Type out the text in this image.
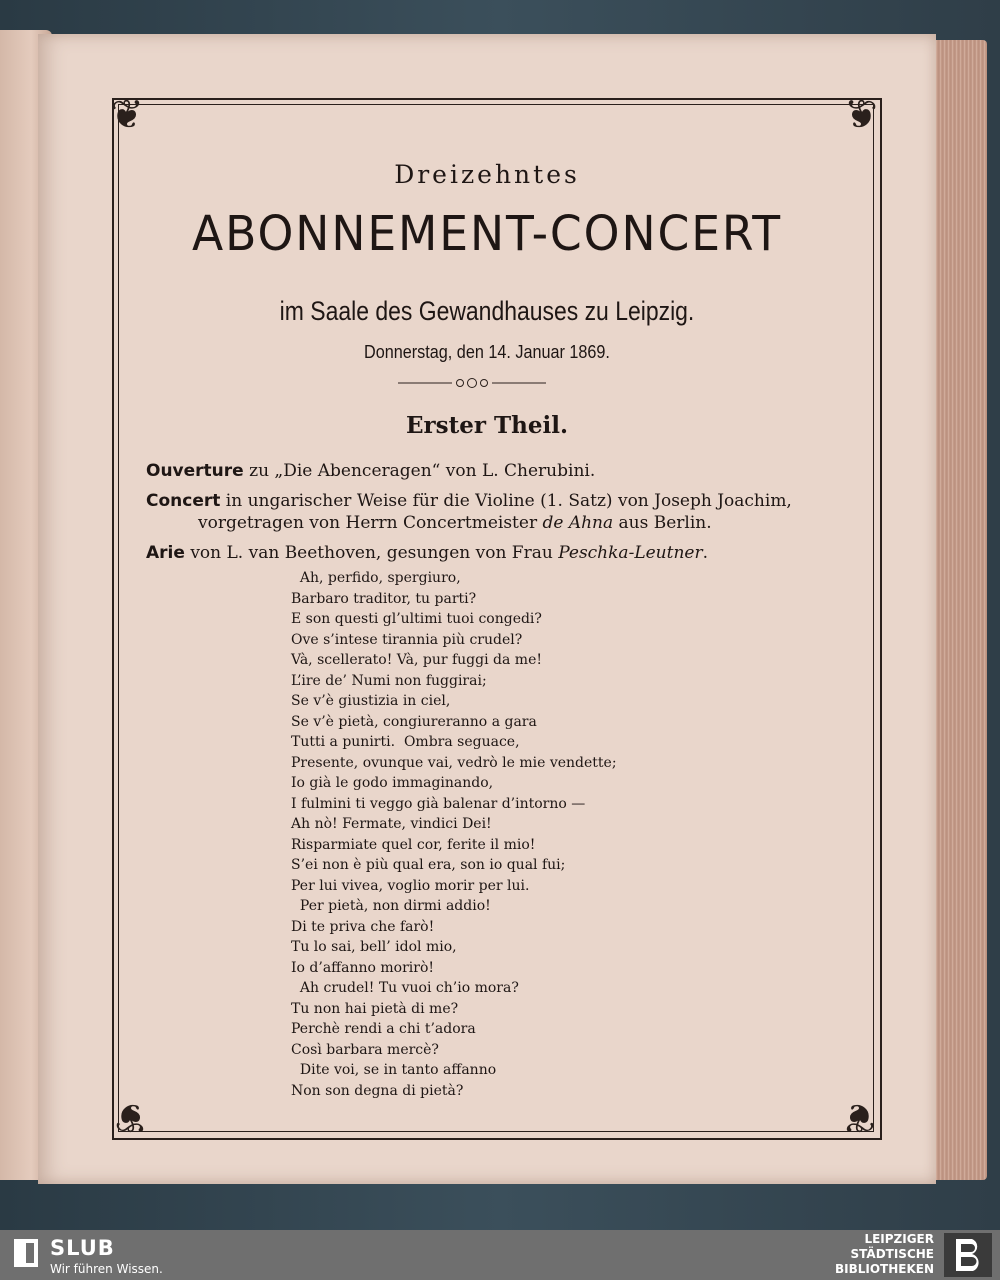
❦	❦
❦	❦
Dreizehntes
ABONNEMENT-CONCERT
im Saale des Gewandhauses zu Leipzig.
Donnerstag, den 14. Januar 1869.
Erster Theil.
Ouverture zu „Die Abenceragen“ von L. Cherubini.
Concert in ungarischer Weise für die Violine (1. Satz) von Joseph Joachim,
vorgetragen von Herrn Concertmeister de Ahna aus Berlin.
Arie von L. van Beethoven, gesungen von Frau Peschka-Leutner.
Ah, perfido, spergiuro,
Barbaro traditor, tu parti?
E son questi gl’ultimi tuoi congedi?
Ove s’intese tirannia più crudel?
Và, scellerato! Và, pur fuggi da me!
L’ire de’ Numi non fuggirai;
Se v’è giustizia in ciel,
Se v’è pietà, congiureranno a gara
Tutti a punirti.  Ombra seguace,
Presente, ovunque vai, vedrò le mie vendette;
Io già le godo immaginando,
I fulmini ti veggo già balenar d’intorno —
Ah nò! Fermate, vindici Dei!
Risparmiate quel cor, ferite il mio!
S’ei non è più qual era, son io qual fui;
Per lui vivea, voglio morir per lui.
Per pietà, non dirmi addio!
Di te priva che farò!
Tu lo sai, bell’ idol mio,
Io d’affanno morirò!
Ah crudel! Tu vuoi ch’io mora?
Tu non hai pietà di me?
Perchè rendi a chi t’adora
Così barbara mercè?
Dite voi, se in tanto affanno
Non son degna di pietà?
SLUB
Wir führen Wissen.
LEIPZIGER
STÄDTISCHE
BIBLIOTHEKEN
